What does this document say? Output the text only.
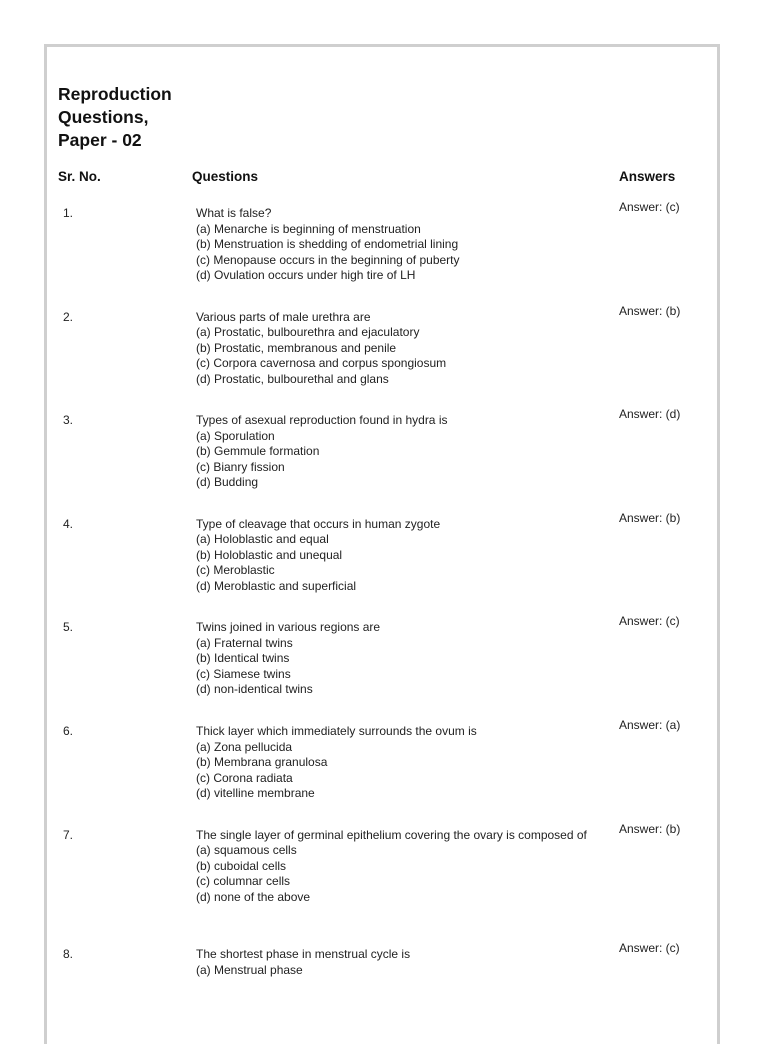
Reproduction
Questions,
Paper - 02
Sr. No.	Questions	Answers
1.	What is false?
(a) Menarche is beginning of menstruation
(b) Menstruation is shedding of endometrial lining
(c) Menopause occurs in the beginning of puberty
(d) Ovulation occurs under high tire of LH
Answer: (c)
2.	Various parts of male urethra are
(a) Prostatic, bulbourethra and ejaculatory
(b) Prostatic, membranous and penile
(c) Corpora cavernosa and corpus spongiosum
(d) Prostatic, bulbourethal and glans
Answer: (b)
3.	Types of asexual reproduction found in hydra is
(a) Sporulation
(b) Gemmule formation
(c) Bianry fission
(d) Budding
Answer: (d)
4.	Type of cleavage that occurs in human zygote
(a) Holoblastic and equal
(b) Holoblastic and unequal
(c) Meroblastic
(d) Meroblastic and superficial
Answer: (b)
5.	Twins joined in various regions are
(a) Fraternal twins
(b) Identical twins
(c) Siamese twins
(d) non-identical twins
Answer: (c)
6.	Thick layer which immediately surrounds the ovum is
(a) Zona pellucida
(b) Membrana granulosa
(c) Corona radiata
(d) vitelline membrane
Answer: (a)
7.	The single layer of germinal epithelium covering the ovary is composed of
(a) squamous cells
(b) cuboidal cells
(c) columnar cells
(d) none of the above
Answer: (b)
8.	The shortest phase in menstrual cycle is
(a) Menstrual phase
Answer: (c)
